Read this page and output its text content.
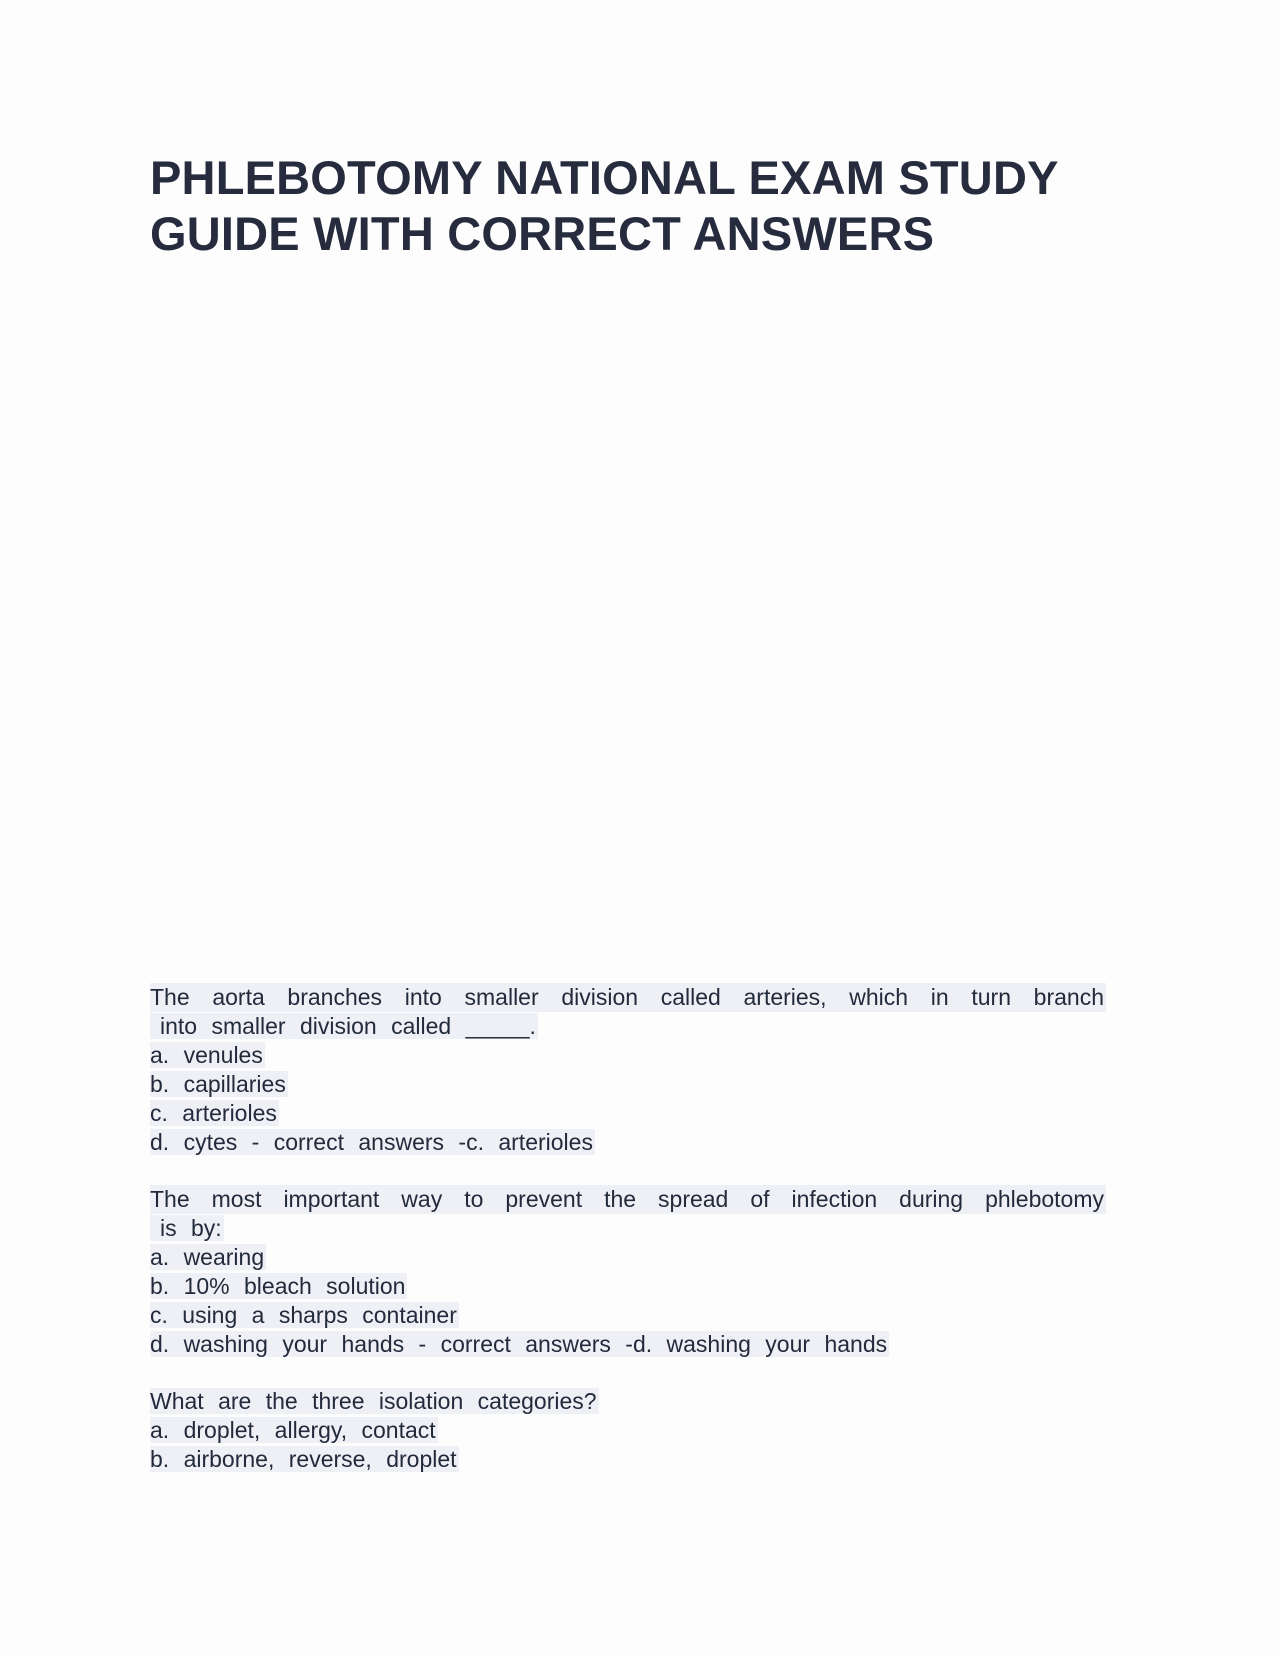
PHLEBOTOMY NATIONAL EXAM STUDY
GUIDE WITH CORRECT ANSWERS
The aorta branches into smaller division called arteries, which in turn branch
into smaller division called _____.
a. venules
b. capillaries
c. arterioles
d. cytes - correct answers -c. arterioles
The most important way to prevent the spread of infection during phlebotomy
is by:
a. wearing
b. 10% bleach solution
c. using a sharps container
d. washing your hands - correct answers -d. washing your hands
What are the three isolation categories?
a. droplet, allergy, contact
b. airborne, reverse, droplet
